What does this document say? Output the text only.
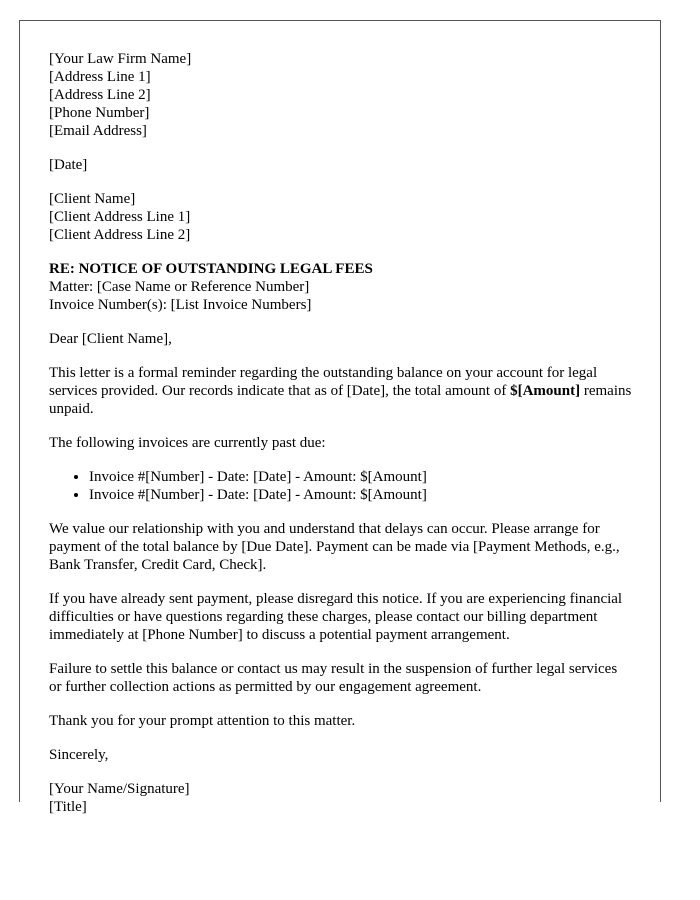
[Your Law Firm Name]
[Address Line 1]
[Address Line 2]
[Phone Number]
[Email Address]
[Date]
[Client Name]
[Client Address Line 1]
[Client Address Line 2]
RE: NOTICE OF OUTSTANDING LEGAL FEES
Matter: [Case Name or Reference Number]
Invoice Number(s): [List Invoice Numbers]

Dear [Client Name],

This letter is a formal reminder regarding the outstanding balance on your account for legal services provided. Our records indicate that as of [Date], the total amount of $[Amount] remains unpaid.

The following invoices are currently past due:

• Invoice #[Number] - Date: [Date] - Amount: $[Amount]
• Invoice #[Number] - Date: [Date] - Amount: $[Amount]

We value our relationship with you and understand that delays can occur. Please arrange for payment of the total balance by [Due Date]. Payment can be made via [Payment Methods, e.g., Bank Transfer, Credit Card, Check].

If you have already sent payment, please disregard this notice. If you are experiencing financial difficulties or have questions regarding these charges, please contact our billing department immediately at [Phone Number] to discuss a potential payment arrangement.

Failure to settle this balance or contact us may result in the suspension of further legal services or further collection actions as permitted by our engagement agreement.

Thank you for your prompt attention to this matter.

Sincerely,

[Your Name/Signature]
[Title]
